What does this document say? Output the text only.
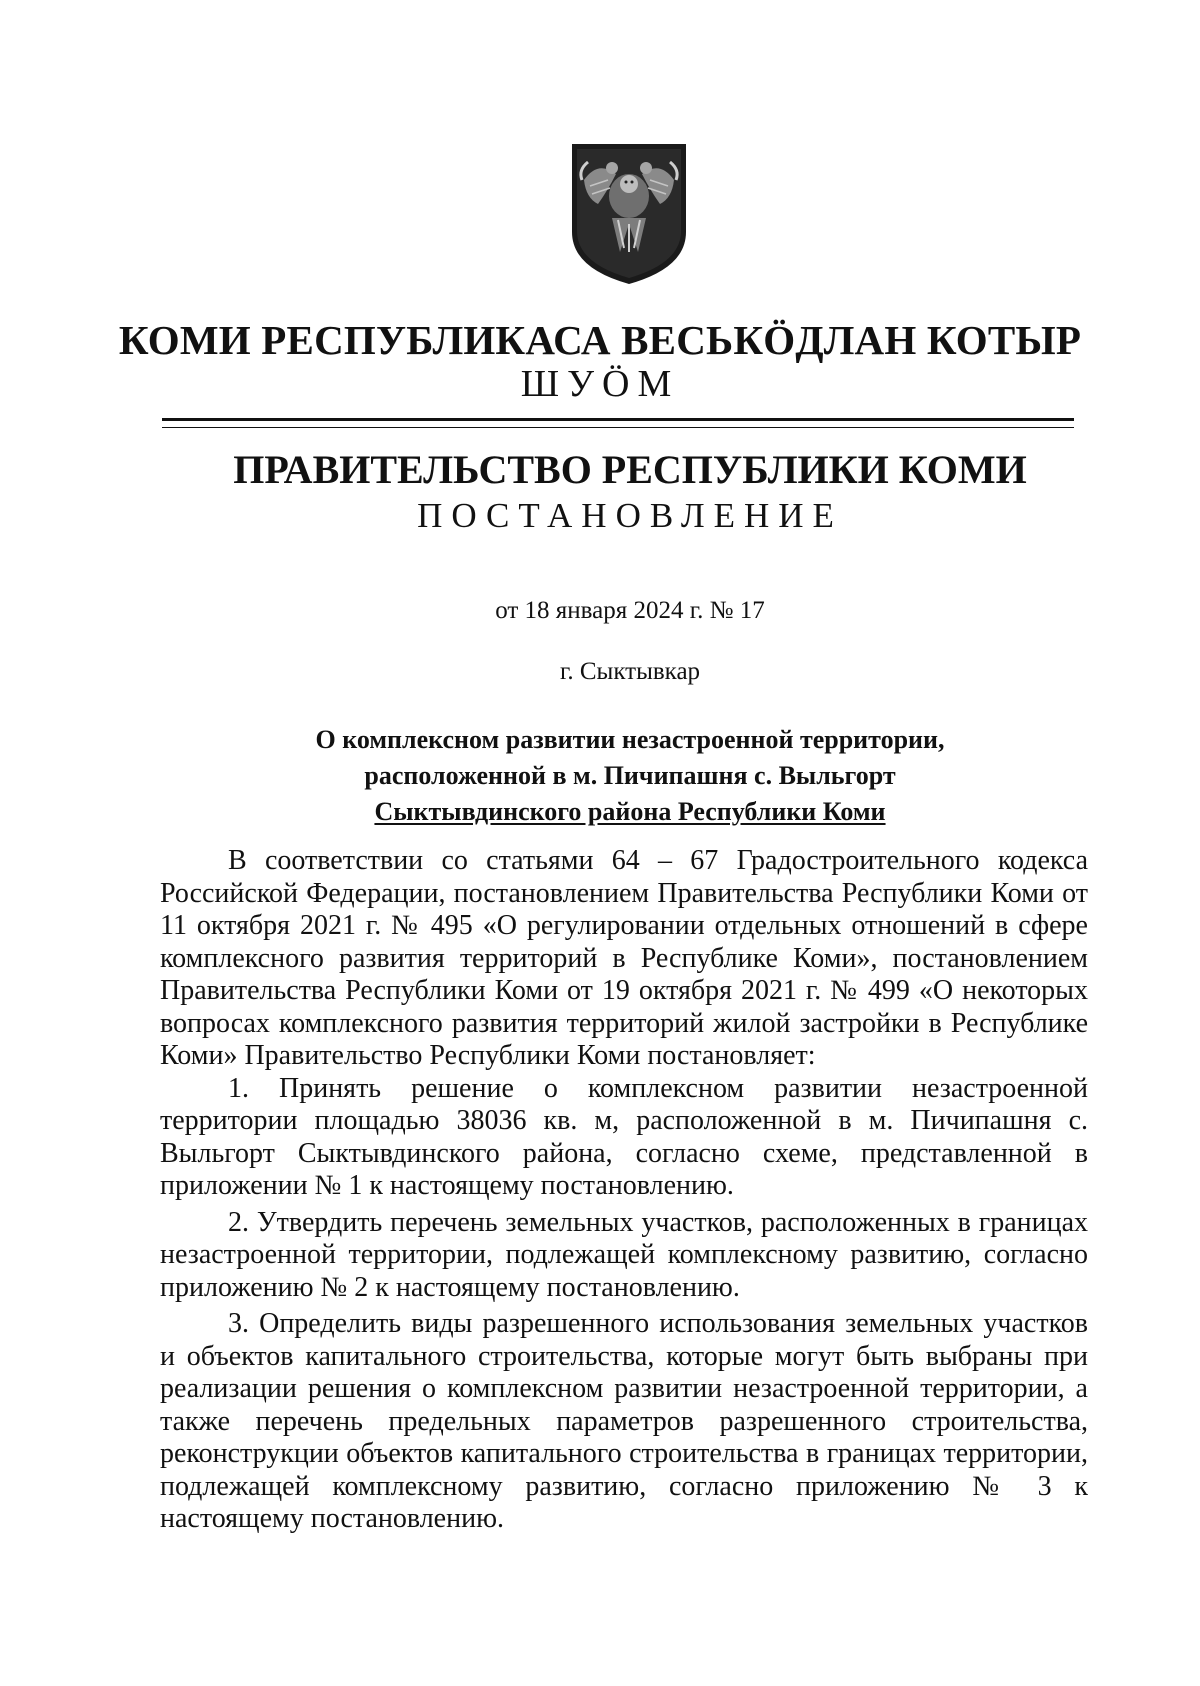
КОМИ РЕСПУБЛИКАСА ВЕСЬКӦДЛАН КОТЫР
ШУӦМ
ПРАВИТЕЛЬСТВО РЕСПУБЛИКИ КОМИ
ПОСТАНОВЛЕНИЕ
от 18 января 2024 г. № 17
г. Сыктывкар
О комплексном развитии незастроенной территории,
расположенной в м. Пичипашня с. Выльгорт
Сыктывдинского района Республики Коми

В соответствии со статьями 64 – 67 Градостроительного кодекса Российской Федерации, постановлением Правительства Республики Коми от 11 октября 2021 г. № 495 «О регулировании отдельных отношений в сфере комплексного развития территорий в Республике Коми», постановлением Правительства Республики Коми от 19 октября 2021 г. № 499 «О некоторых вопросах комплексного развития территорий жилой застройки в Республике Коми» Правительство Республики Коми постановляет:

1. Принять решение о комплексном развитии незастроенной территории площадью 38036 кв. м, расположенной в м. Пичипашня с. Выльгорт Сыктывдинского района, согласно схеме, представленной в приложении № 1 к настоящему постановлению.

2. Утвердить перечень земельных участков, расположенных в границах незастроенной территории, подлежащей комплексному развитию, согласно приложению № 2 к настоящему постановлению.

3. Определить виды разрешенного использования земельных участков и объектов капитального строительства, которые могут быть выбраны при реализации решения о комплексном развитии незастроенной территории, а также перечень предельных параметров разрешенного строительства, реконструкции объектов капитального строительства в границах территории, подлежащей комплексному развитию, согласно приложению № 3 к настоящему постановлению.
